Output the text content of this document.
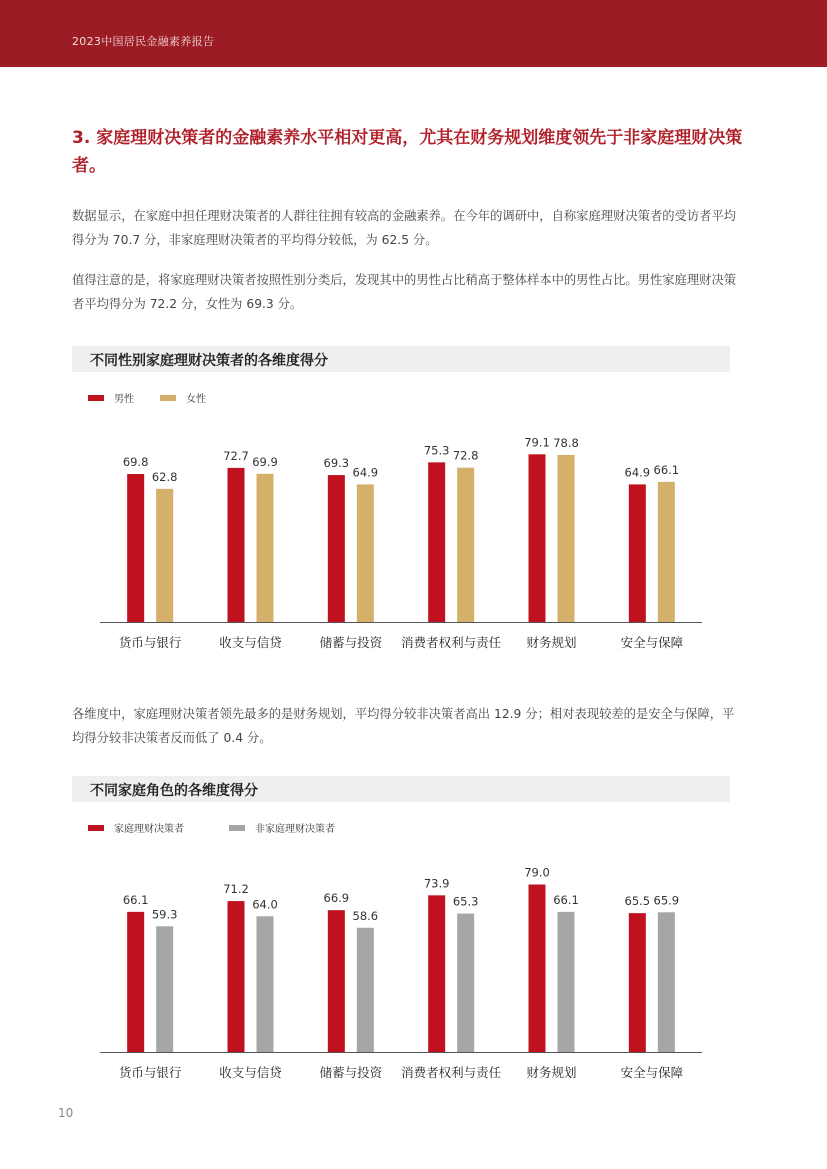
2023中国居民金融素养报告
3. 家庭理财决策者的金融素养水平相对更高，尤其在财务规划维度领先于非家庭理财决策者。
数据显示，在家庭中担任理财决策者的人群往往拥有较高的金融素养。在今年的调研中，自称家庭理财决策者的受访者平均得分为 70.7 分，非家庭理财决策者的平均得分较低，为 62.5 分。
值得注意的是，将家庭理财决策者按照性别分类后，发现其中的男性占比稍高于整体样本中的男性占比。男性家庭理财决策者平均得分为 72.2 分，女性为 69.3 分。
不同性别家庭理财决策者的各维度得分
男性	女性
69.8
62.8
货币与银行
72.7 69.9
收支与信贷
69.3
64.9
储蓄与投资
75.3 72.8
消费者权利与责任
79.1 78.8
财务规划
64.9 66.1
安全与保障
各维度中，家庭理财决策者领先最多的是财务规划，平均得分较非决策者高出 12.9 分；相对表现较差的是安全与保障，平均得分较非决策者反而低了 0.4 分。
不同家庭角色的各维度得分
家庭理财决策者	非家庭理财决策者
66.1
59.3
货币与银行
71.2
64.0
收支与信贷
66.9
58.6
储蓄与投资
73.9
65.3
消费者权利与责任
79.0
66.1
财务规划
65.5 65.9
安全与保障
10
